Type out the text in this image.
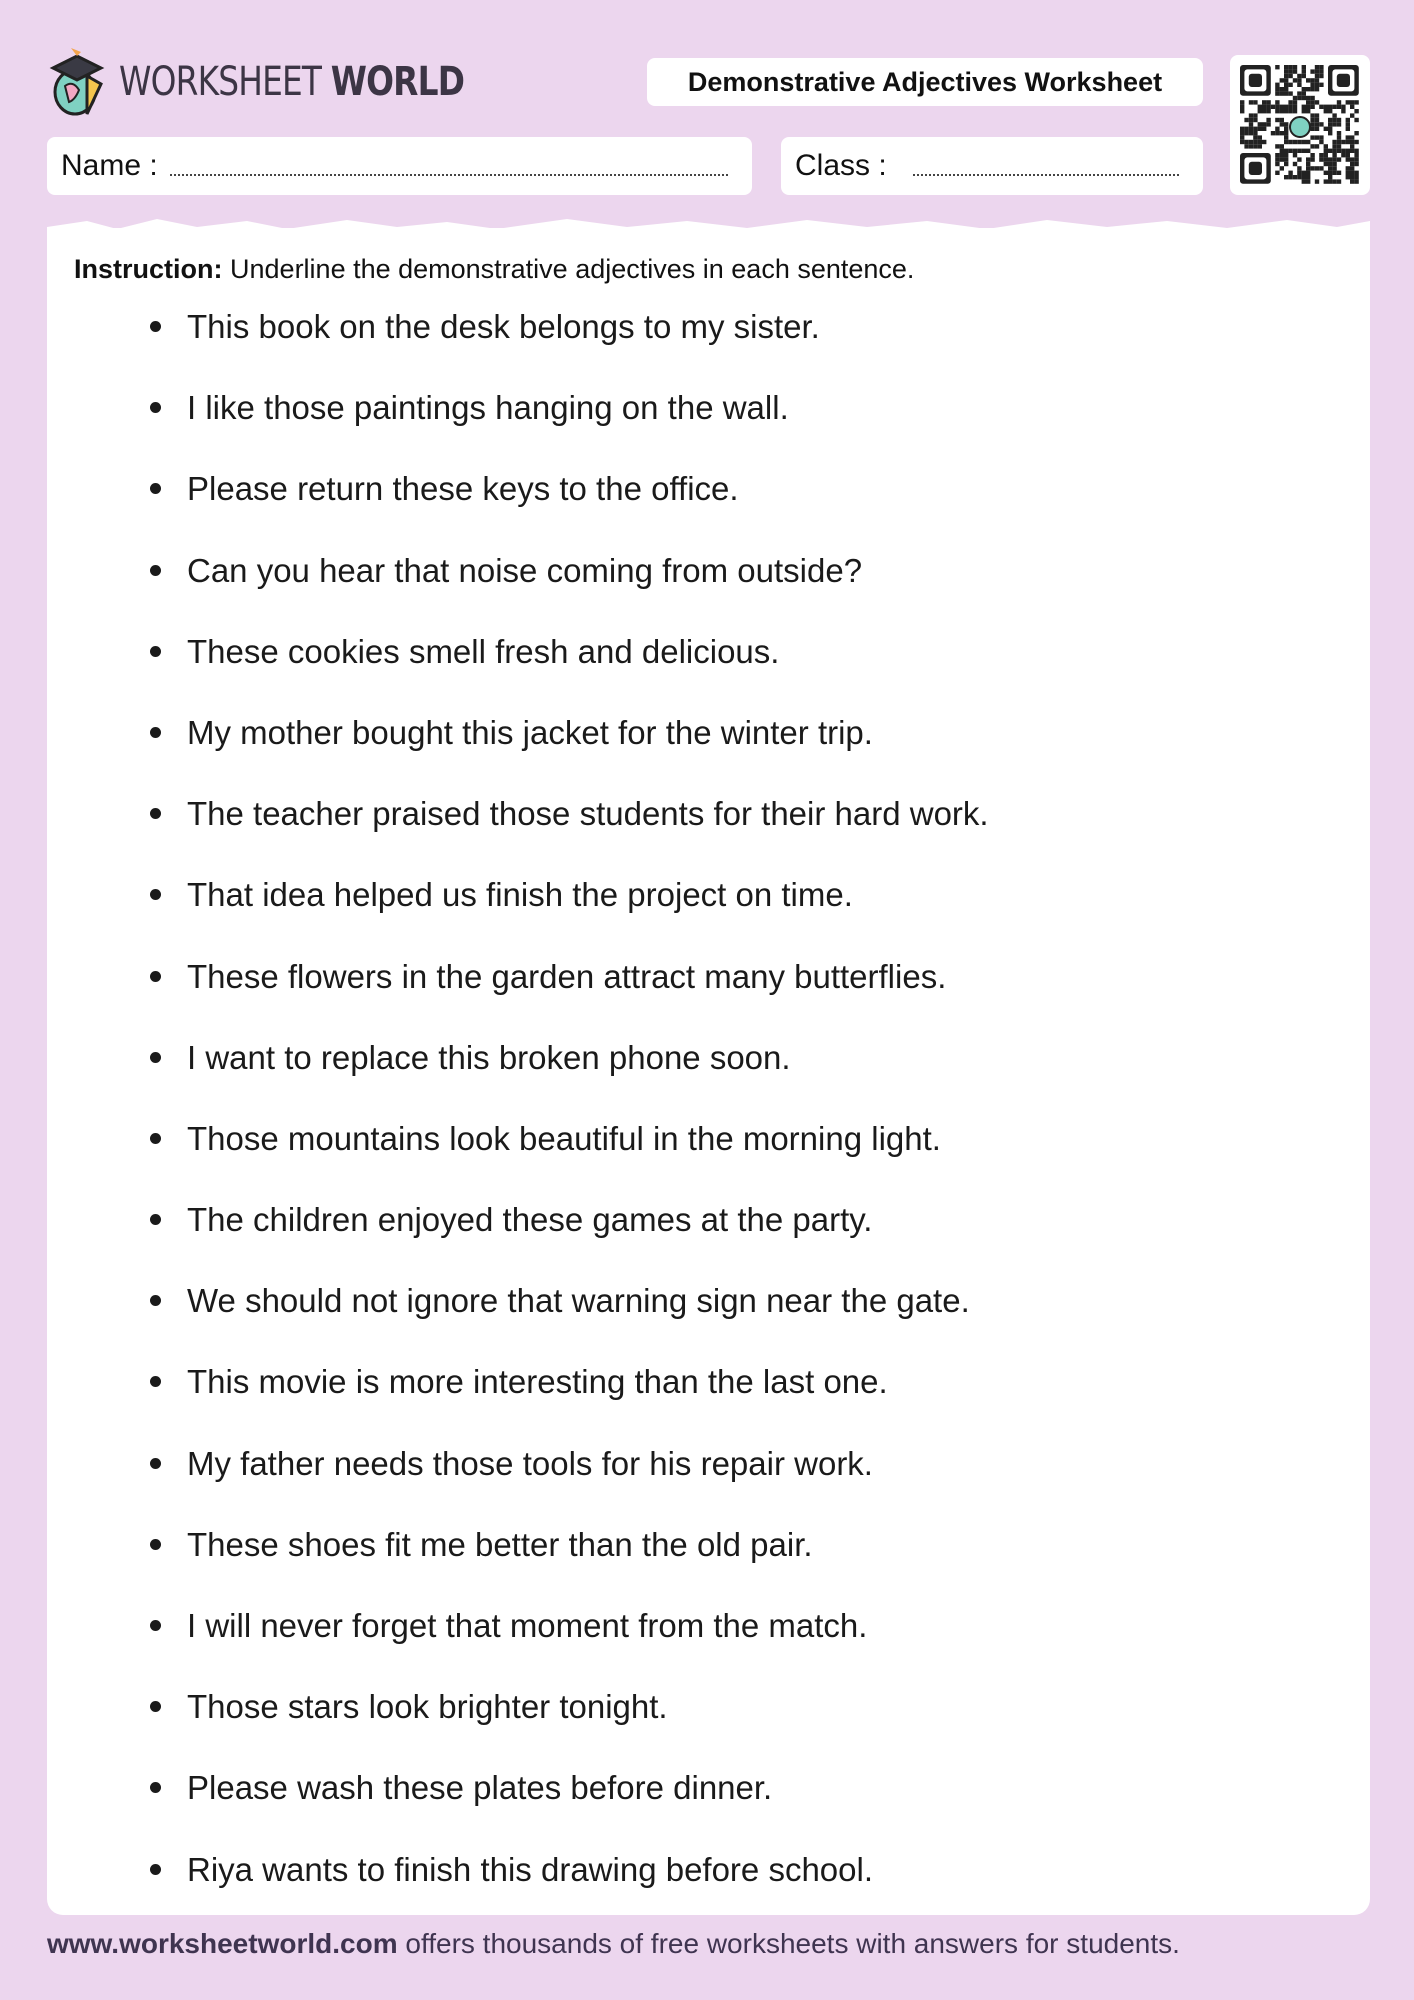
WORKSHEET WORLD	Demonstrative Adjectives Worksheet
Name :	Class :
Instruction: Underline the demonstrative adjectives in each sentence.
This book on the desk belongs to my sister.
I like those paintings hanging on the wall.
Please return these keys to the office.
Can you hear that noise coming from outside?
These cookies smell fresh and delicious.
My mother bought this jacket for the winter trip.
The teacher praised those students for their hard work.
That idea helped us finish the project on time.
These flowers in the garden attract many butterflies.
I want to replace this broken phone soon.
Those mountains look beautiful in the morning light.
The children enjoyed these games at the party.
We should not ignore that warning sign near the gate.
This movie is more interesting than the last one.
My father needs those tools for his repair work.
These shoes fit me better than the old pair.
I will never forget that moment from the match.
Those stars look brighter tonight.
Please wash these plates before dinner.
Riya wants to finish this drawing before school.
www.worksheetworld.com offers thousands of free worksheets with answers for students.
